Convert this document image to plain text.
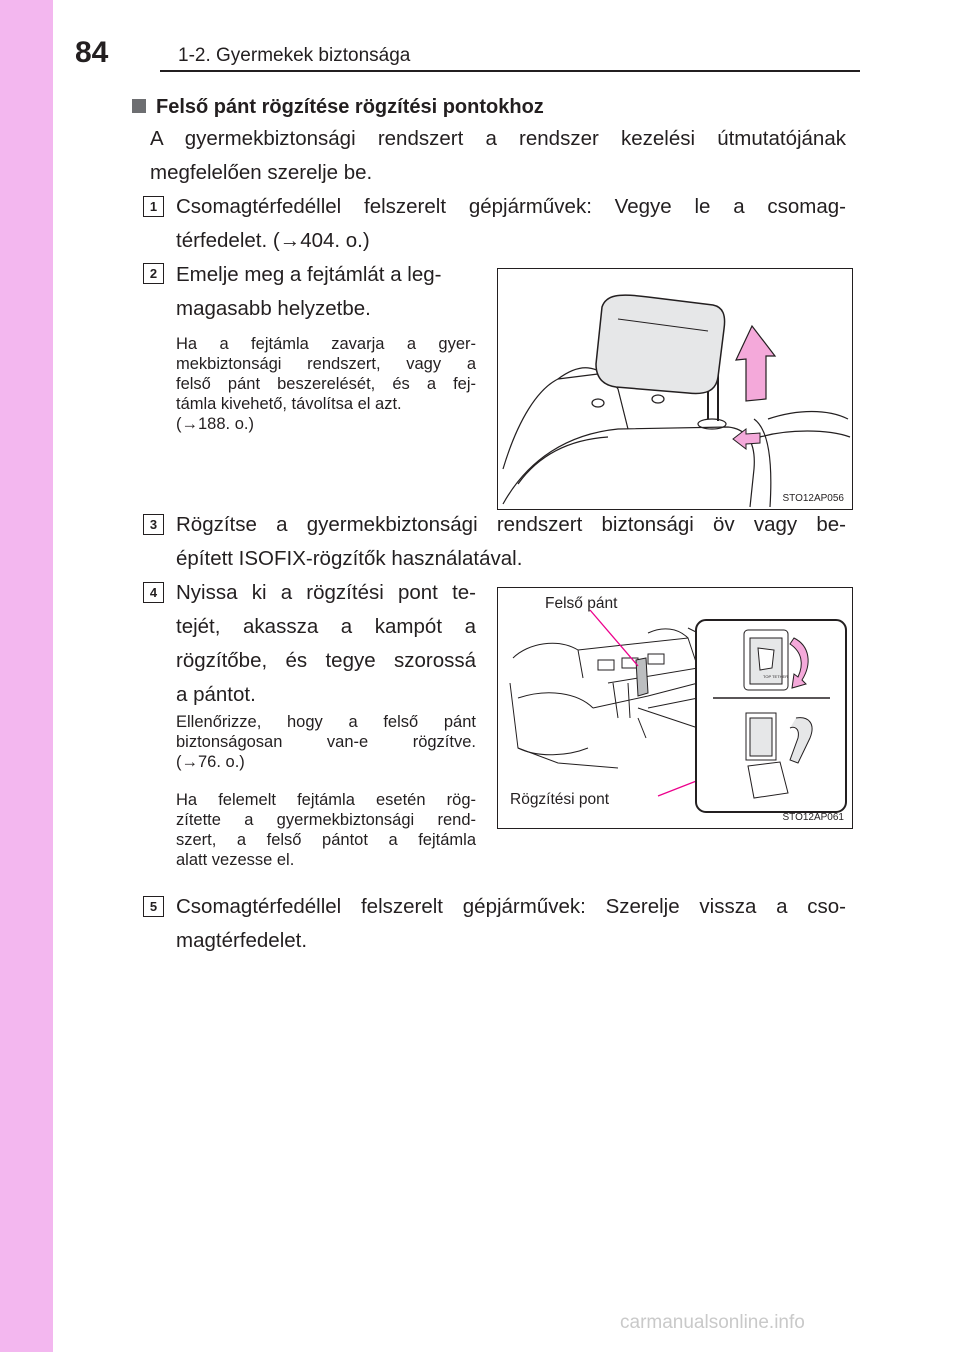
84	1-2. Gyermekek biztonsága
Felső pánt rögzítése rögzítési pontokhoz
A gyermekbiztonsági rendszert a rendszer kezelési útmutatójának
megfelelően szerelje be.
1 Csomagtérfedéllel felszerelt gépjárművek: Vegye le a csomag-
térfedelet. (→404. o.)
2 Emelje meg a fejtámlát a leg-
magasabb helyzetbe.
Ha a fejtámla zavarja a gyer-
mekbiztonsági rendszert, vagy a
felső pánt beszerelését, és a fej-
támla kivehető, távolítsa el azt.
(→188. o.)
STO12AP056
3 Rögzítse a gyermekbiztonsági rendszert biztonsági öv vagy be-
épített ISOFIX-rögzítők használatával.
4 Nyissa ki a rögzítési pont te-
tejét, akassza a kampót a
rögzítőbe, és tegye szorossá
a pántot.
Ellenőrizze, hogy a felső pánt
biztonságosan van-e rögzítve.
(→76. o.)
Ha felemelt fejtámla esetén rög-
zítette a gyermekbiztonsági rend-
szert, a felső pántot a fejtámla
alatt vezesse el.
TOP TETHER
Felső pánt
Rögzítési pont
STO12AP061
5 Csomagtérfedéllel felszerelt gépjárművek: Szerelje vissza a cso-
magtérfedelet.
carmanualsonline.info
